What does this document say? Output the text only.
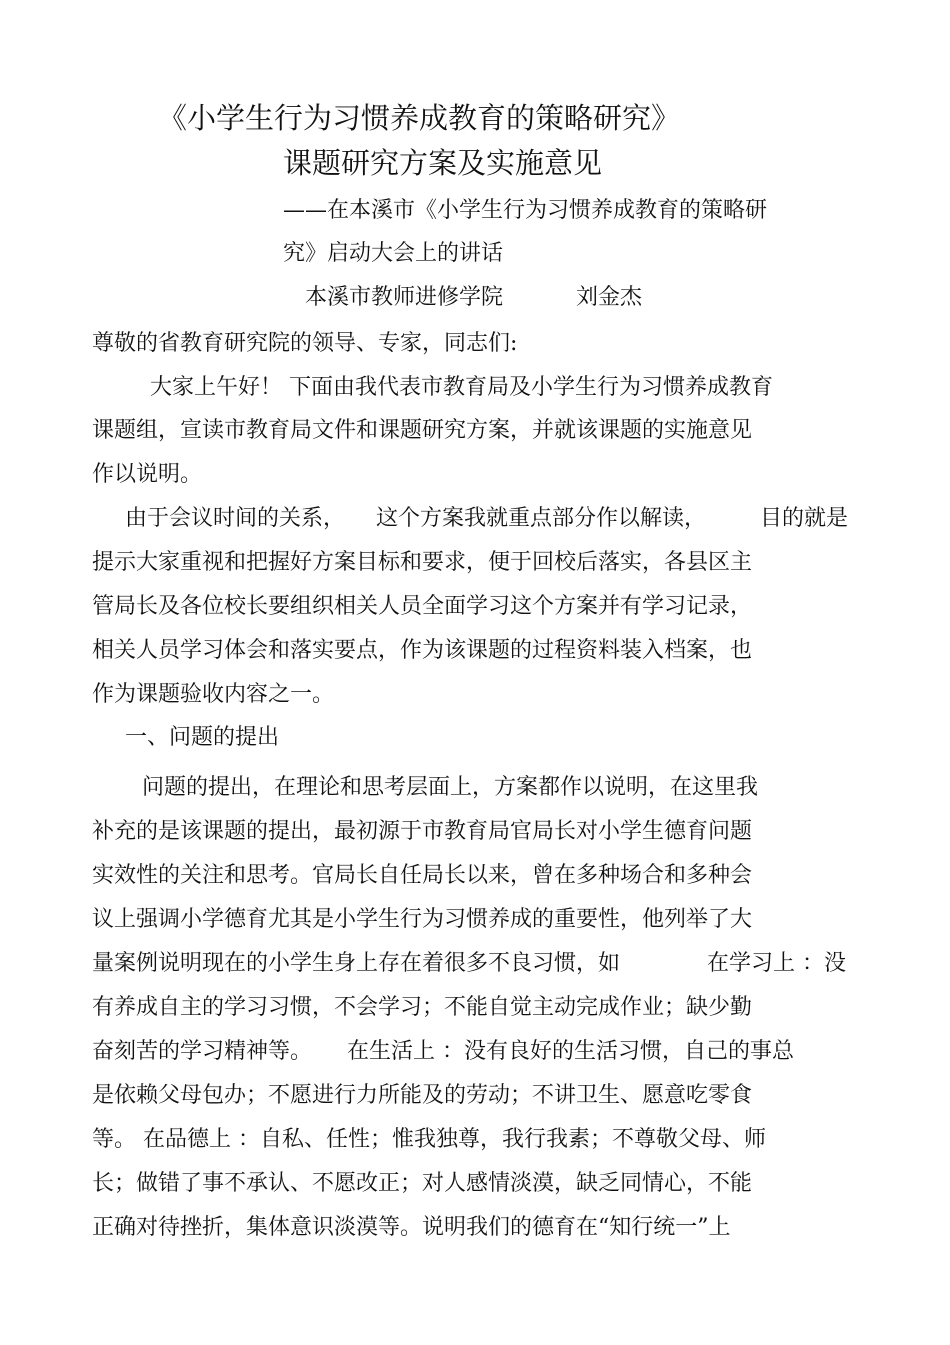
《小学生行为习惯养成教育的策略研究》
课题研究方案及实施意见
——在本溪市《小学生行为习惯养成教育的策略研
究》启动大会上的讲话
本溪市教师进修学院	刘金杰
尊敬的省教育研究院的领导、专家，同志们:
大家上午好！ 下面由我代表市教育局及小学生行为习惯养成教育
课题组，宣读市教育局文件和课题研究方案，并就该课题的实施意见
作以说明。
由于会议时间的关系， 这个方案我就重点部分作以解读， 目的就是
提示大家重视和把握好方案目标和要求，便于回校后落实，各县区主
管局长及各位校长要组织相关人员全面学习这个方案并有学习记录，
相关人员学习体会和落实要点，作为该课题的过程资料装入档案，也
作为课题验收内容之一。
一、问题的提出
问题的提出，在理论和思考层面上，方案都作以说明，在这里我
补充的是该课题的提出，最初源于市教育局官局长对小学生德育问题
实效性的关注和思考。官局长自任局长以来，曾在多种场合和多种会
议上强调小学德育尤其是小学生行为习惯养成的重要性，他列举了大
量案例说明现在的小学生身上存在着很多不良习惯，如	在学习上 ：没
有养成自主的学习习惯，不会学习；不能自觉主动完成作业；缺少勤
奋刻苦的学习精神等。 在生活上 ：没有良好的生活习惯，自己的事总
是依赖父母包办；不愿进行力所能及的劳动；不讲卫生、愿意吃零食
等。 在品德上 ：自私、任性；惟我独尊，我行我素；不尊敬父母、师
长；做错了事不承认、不愿改正；对人感情淡漠，缺乏同情心，不能
正确对待挫折，集体意识淡漠等。说明我们的德育在“知行统一”上
